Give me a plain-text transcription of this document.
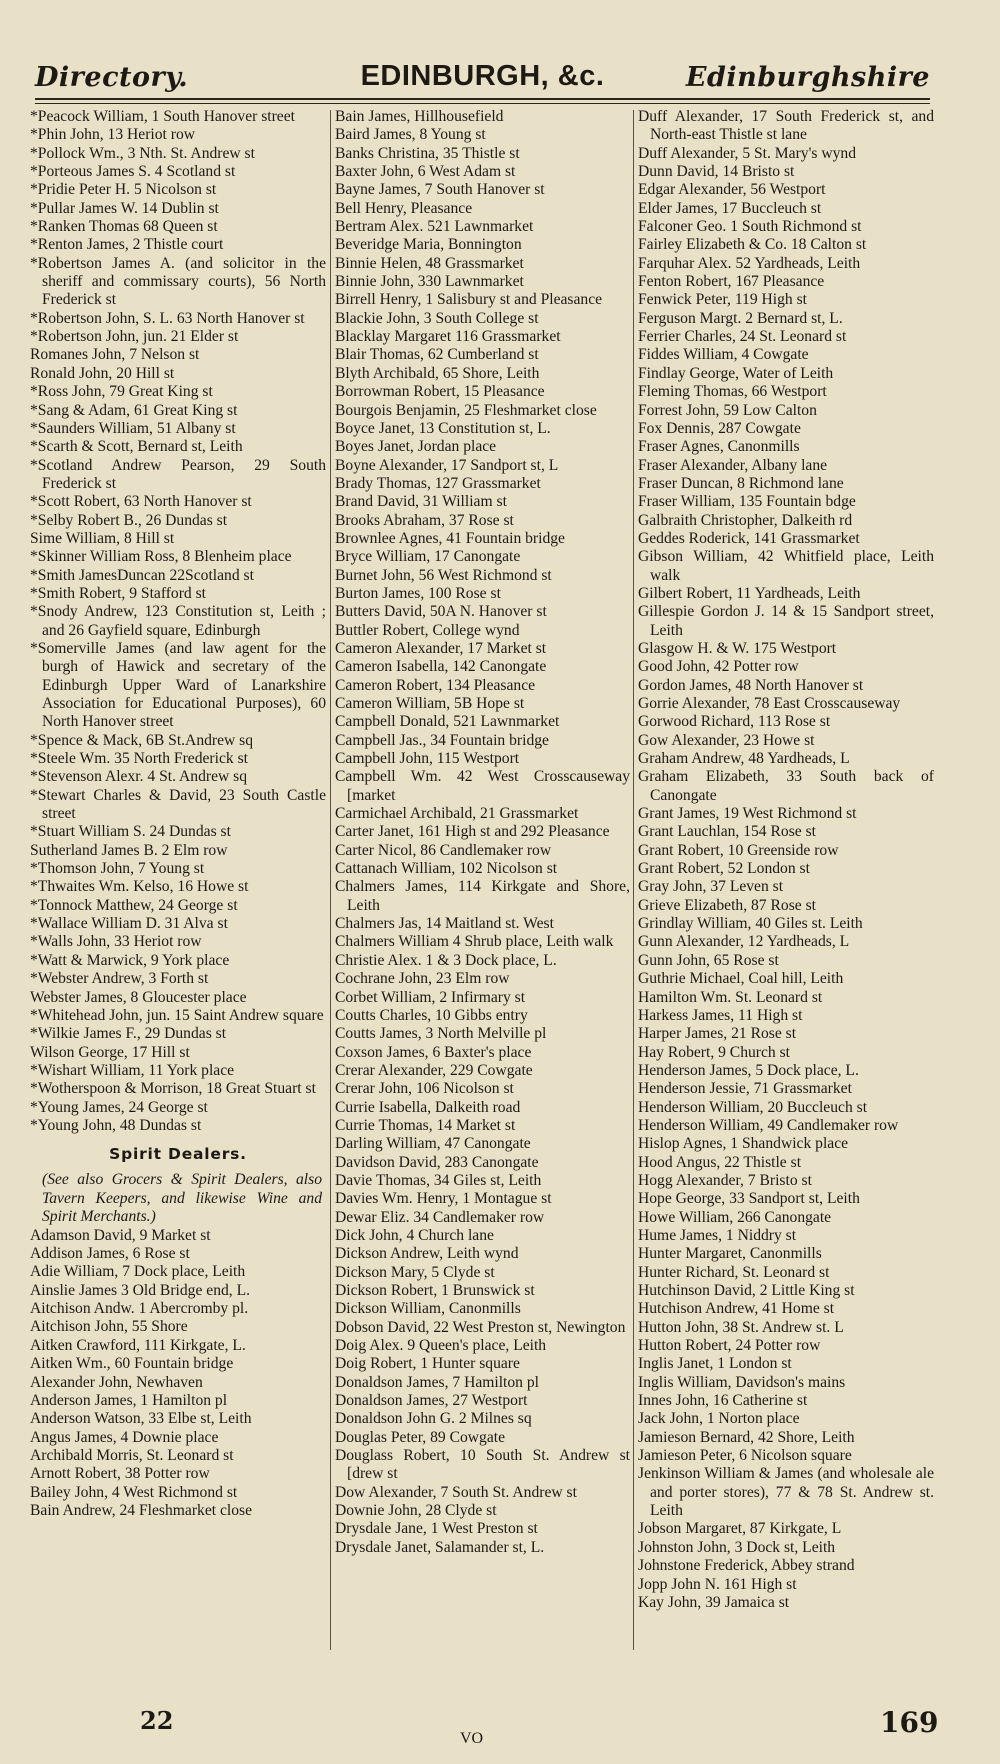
Directory.	EDINBURGH, &c.	Edinburghshire
*Peacock William, 1 South Hanover street
*Phin John, 13 Heriot row
*Pollock Wm., 3 Nth. St. Andrew st
*Porteous James S. 4 Scotland st
*Pridie Peter H. 5 Nicolson st
*Pullar James W. 14 Dublin st
*Ranken Thomas 68 Queen st
*Renton James, 2 Thistle court
*Robertson James A. (and solicitor in the sheriff and commissary courts), 56 North Frederick st
*Robertson John, S. L. 63 North Hanover st
*Robertson John, jun. 21 Elder st
Romanes John, 7 Nelson st
Ronald John, 20 Hill st
*Ross John, 79 Great King st
*Sang & Adam, 61 Great King st
*Saunders William, 51 Albany st
*Scarth & Scott, Bernard st, Leith
*Scotland Andrew Pearson, 29 South Frederick st
*Scott Robert, 63 North Hanover st
*Selby Robert B., 26 Dundas st
Sime William, 8 Hill st
*Skinner William Ross, 8 Blenheim place
*Smith JamesDuncan 22Scotland st
*Smith Robert, 9 Stafford st
*Snody Andrew, 123 Constitution st, Leith ; and 26 Gayfield square, Edinburgh
*Somerville James (and law agent for the burgh of Hawick and secretary of the Edinburgh Upper Ward of Lanarkshire Association for Educational Purposes), 60 North Hanover street
*Spence & Mack, 6B St.Andrew sq
*Steele Wm. 35 North Frederick st
*Stevenson Alexr. 4 St. Andrew sq
*Stewart Charles & David, 23 South Castle street
*Stuart William S. 24 Dundas st
Sutherland James B. 2 Elm row
*Thomson John, 7 Young st
*Thwaites Wm. Kelso, 16 Howe st
*Tonnock Matthew, 24 George st
*Wallace William D. 31 Alva st
*Walls John, 33 Heriot row
*Watt & Marwick, 9 York place
*Webster Andrew, 3 Forth st
Webster James, 8 Gloucester place
*Whitehead John, jun. 15 Saint Andrew square
*Wilkie James F., 29 Dundas st
Wilson George, 17 Hill st
*Wishart William, 11 York place
*Wotherspoon & Morrison, 18 Great Stuart st
*Young James, 24 George st
*Young John, 48 Dundas st
Spirit Dealers.
(See also Grocers & Spirit Dealers, also Tavern Keepers, and likewise Wine and Spirit Merchants.)
Adamson David, 9 Market st
Addison James, 6 Rose st
Adie William, 7 Dock place, Leith
Ainslie James 3 Old Bridge end, L.
Aitchison Andw. 1 Abercromby pl.
Aitchison John, 55 Shore
Aitken Crawford, 111 Kirkgate, L.
Aitken Wm., 60 Fountain bridge
Alexander John, Newhaven
Anderson James, 1 Hamilton pl
Anderson Watson, 33 Elbe st, Leith
Angus James, 4 Downie place
Archibald Morris, St. Leonard st
Arnott Robert, 38 Potter row
Bailey John, 4 West Richmond st
Bain Andrew, 24 Fleshmarket close
Bain James, Hillhousefield
Baird James, 8 Young st
Banks Christina, 35 Thistle st
Baxter John, 6 West Adam st
Bayne James, 7 South Hanover st
Bell Henry, Pleasance
Bertram Alex. 521 Lawnmarket
Beveridge Maria, Bonnington
Binnie Helen, 48 Grassmarket
Binnie John, 330 Lawnmarket
Birrell Henry, 1 Salisbury st and Pleasance
Blackie John, 3 South College st
Blacklay Margaret 116 Grassmarket
Blair Thomas, 62 Cumberland st
Blyth Archibald, 65 Shore, Leith
Borrowman Robert, 15 Pleasance
Bourgois Benjamin, 25 Fleshmarket close
Boyce Janet, 13 Constitution st, L.
Boyes Janet, Jordan place
Boyne Alexander, 17 Sandport st, L
Brady Thomas, 127 Grassmarket
Brand David, 31 William st
Brooks Abraham, 37 Rose st
Brownlee Agnes, 41 Fountain bridge
Bryce William, 17 Canongate
Burnet John, 56 West Richmond st
Burton James, 100 Rose st
Butters David, 50A N. Hanover st
Buttler Robert, College wynd
Cameron Alexander, 17 Market st
Cameron Isabella, 142 Canongate
Cameron Robert, 134 Pleasance
Cameron William, 5B Hope st
Campbell Donald, 521 Lawnmarket
Campbell Jas., 34 Fountain bridge
Campbell John, 115 Westport
Campbell Wm. 42 West Crosscauseway [market
Carmichael Archibald, 21 Grassmarket
Carter Janet, 161 High st and 292 Pleasance
Carter Nicol, 86 Candlemaker row
Cattanach William, 102 Nicolson st
Chalmers James, 114 Kirkgate and Shore, Leith
Chalmers Jas, 14 Maitland st. West
Chalmers William 4 Shrub place, Leith walk
Christie Alex. 1 & 3 Dock place, L.
Cochrane John, 23 Elm row
Corbet William, 2 Infirmary st
Coutts Charles, 10 Gibbs entry
Coutts James, 3 North Melville pl
Coxson James, 6 Baxter's place
Crerar Alexander, 229 Cowgate
Crerar John, 106 Nicolson st
Currie Isabella, Dalkeith road
Currie Thomas, 14 Market st
Darling William, 47 Canongate
Davidson David, 283 Canongate
Davie Thomas, 34 Giles st, Leith
Davies Wm. Henry, 1 Montague st
Dewar Eliz. 34 Candlemaker row
Dick John, 4 Church lane
Dickson Andrew, Leith wynd
Dickson Mary, 5 Clyde st
Dickson Robert, 1 Brunswick st
Dickson William, Canonmills
Dobson David, 22 West Preston st, Newington
Doig Alex. 9 Queen's place, Leith
Doig Robert, 1 Hunter square
Donaldson James, 7 Hamilton pl
Donaldson James, 27 Westport
Donaldson John G. 2 Milnes sq
Douglas Peter, 89 Cowgate
Douglass Robert, 10 South St. Andrew st [drew st
Dow Alexander, 7 South St. Andrew st
Downie John, 28 Clyde st
Drysdale Jane, 1 West Preston st
Drysdale Janet, Salamander st, L.
Duff Alexander, 17 South Frederick st, and North-east Thistle st lane
Duff Alexander, 5 St. Mary's wynd
Dunn David, 14 Bristo st
Edgar Alexander, 56 Westport
Elder James, 17 Buccleuch st
Falconer Geo. 1 South Richmond st
Fairley Elizabeth & Co. 18 Calton st
Farquhar Alex. 52 Yardheads, Leith
Fenton Robert, 167 Pleasance
Fenwick Peter, 119 High st
Ferguson Margt. 2 Bernard st, L.
Ferrier Charles, 24 St. Leonard st
Fiddes William, 4 Cowgate
Findlay George, Water of Leith
Fleming Thomas, 66 Westport
Forrest John, 59 Low Calton
Fox Dennis, 287 Cowgate
Fraser Agnes, Canonmills
Fraser Alexander, Albany lane
Fraser Duncan, 8 Richmond lane
Fraser William, 135 Fountain bdge
Galbraith Christopher, Dalkeith rd
Geddes Roderick, 141 Grassmarket
Gibson William, 42 Whitfield place, Leith walk
Gilbert Robert, 11 Yardheads, Leith
Gillespie Gordon J. 14 & 15 Sandport street, Leith
Glasgow H. & W. 175 Westport
Good John, 42 Potter row
Gordon James, 48 North Hanover st
Gorrie Alexander, 78 East Crosscauseway
Gorwood Richard, 113 Rose st
Gow Alexander, 23 Howe st
Graham Andrew, 48 Yardheads, L
Graham Elizabeth, 33 South back of Canongate
Grant James, 19 West Richmond st
Grant Lauchlan, 154 Rose st
Grant Robert, 10 Greenside row
Grant Robert, 52 London st
Gray John, 37 Leven st
Grieve Elizabeth, 87 Rose st
Grindlay William, 40 Giles st. Leith
Gunn Alexander, 12 Yardheads, L
Gunn John, 65 Rose st
Guthrie Michael, Coal hill, Leith
Hamilton Wm. St. Leonard st
Harkess James, 11 High st
Harper James, 21 Rose st
Hay Robert, 9 Church st
Henderson James, 5 Dock place, L.
Henderson Jessie, 71 Grassmarket
Henderson William, 20 Buccleuch st
Henderson William, 49 Candlemaker row
Hislop Agnes, 1 Shandwick place
Hood Angus, 22 Thistle st
Hogg Alexander, 7 Bristo st
Hope George, 33 Sandport st, Leith
Howe William, 266 Canongate
Hume James, 1 Niddry st
Hunter Margaret, Canonmills
Hunter Richard, St. Leonard st
Hutchinson David, 2 Little King st
Hutchison Andrew, 41 Home st
Hutton John, 38 St. Andrew st. L
Hutton Robert, 24 Potter row
Inglis Janet, 1 London st
Inglis William, Davidson's mains
Innes John, 16 Catherine st
Jack John, 1 Norton place
Jamieson Bernard, 42 Shore, Leith
Jamieson Peter, 6 Nicolson square
Jenkinson William & James (and wholesale ale and porter stores), 77 & 78 St. Andrew st. Leith
Jobson Margaret, 87 Kirkgate, L
Johnston John, 3 Dock st, Leith
Johnstone Frederick, Abbey strand
Jopp John N. 161 High st
Kay John, 39 Jamaica st
22
VO	169
